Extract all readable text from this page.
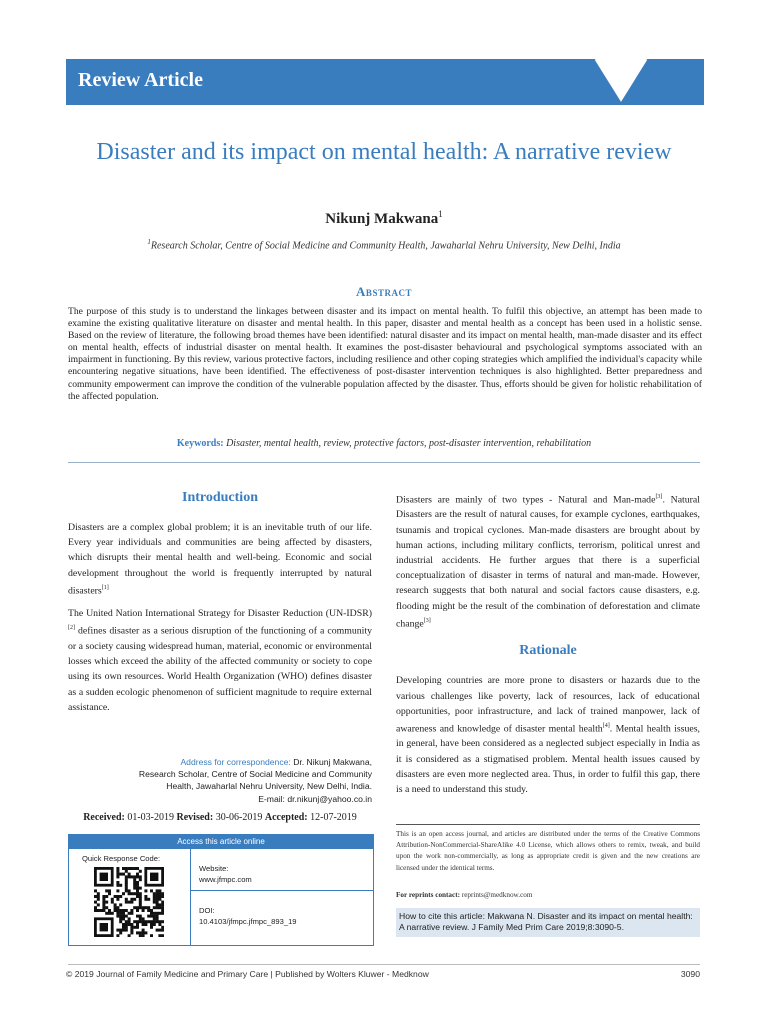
Review Article
Disaster and its impact on mental health: A narrative review
Nikunj Makwana$^1$
$^1$Research Scholar, Centre of Social Medicine and Community Health, Jawaharlal Nehru University, New Delhi, India
Abstract
The purpose of this study is to understand the linkages between disaster and its impact on mental health. To fulfil this objective, an attempt has been made to examine the existing qualitative literature on disaster and mental health. In this paper, disaster and mental health as a concept has been used in a holistic sense. Based on the review of literature, the following broad themes have been identified: natural disaster and its impact on mental health, man-made disaster and its effect on mental health, effects of industrial disaster on mental health. It examines the post-disaster behavioural and psychological symptoms associated with an impairment in functioning. By this review, various protective factors, including resilience and other coping strategies which amplified the individual's capacity while encountering negative situations, have been identified. The effectiveness of post-disaster intervention techniques is also highlighted. Better preparedness and community empowerment can improve the condition of the vulnerable population affected by the disaster. Thus, efforts should be given for holistic rehabilitation of the affected population.
Keywords: Disaster, mental health, review, protective factors, post-disaster intervention, rehabilitation
Introduction

Disasters are a complex global problem; it is an inevitable truth of our life. Every year individuals and communities are being affected by disasters, which disrupts their mental health and well-being. Economic and social development throughout the world is frequently interrupted by natural disasters[1]

The United Nation International Strategy for Disaster Reduction (UN-IDSR)[2] defines disaster as a serious disruption of the functioning of a community or a society causing widespread human, material, economic or environmental losses which exceed the ability of the affected community or society to cope using its own resources. World Health Organization (WHO) defines disaster as a sudden ecologic phenomenon of sufficient magnitude to require external assistance.

Disasters are mainly of two types - Natural and Man-made[3]. Natural Disasters are the result of natural causes, for example cyclones, earthquakes, tsunamis and tropical cyclones. Man-made disasters are brought about by human actions, including military conflicts, terrorism, political unrest and industrial accidents. He further argues that there is a superficial conceptualization of disaster in terms of natural and man-made. However, research suggests that both natural and social factors cause disasters, e.g. flooding might be the result of the combination of deforestation and climate change[3]

Rationale

Developing countries are more prone to disasters or hazards due to the various challenges like poverty, lack of resources, lack of educational opportunities, poor infrastructure, and lack of trained manpower, lack of awareness and knowledge of disaster mental health[4]. Mental health issues, in general, have been considered as a neglected subject especially in India as it is considered as a stigmatised problem. Mental health issues caused by disasters are even more neglected area. Thus, in order to fulfil this gap, there is a need to understand this study.

Address for correspondence: Dr. Nikunj Makwana,
Research Scholar, Centre of Social Medicine and Community
Health, Jawaharlal Nehru University, New Delhi, India.
E-mail: dr.nikunj@yahoo.co.in
Received: 01-03-2019 Revised: 30-06-2019 Accepted: 12-07-2019
Access this article online
Quick Response Code:
Website:
www.jfmpc.com
DOI:
10.4103/jfmpc.jfmpc_893_19
This is an open access journal, and articles are distributed under the terms of the Creative Commons Attribution-NonCommercial-ShareAlike 4.0 License, which allows others to remix, tweak, and build upon the work non-commercially, as long as appropriate credit is given and the new creations are licensed under the identical terms.
For reprints contact: reprints@medknow.com
How to cite this article: Makwana N. Disaster and its impact on mental health: A narrative review. J Family Med Prim Care 2019;8:3090-5.
© 2019 Journal of Family Medicine and Primary Care | Published by Wolters Kluwer - Medknow	3090
